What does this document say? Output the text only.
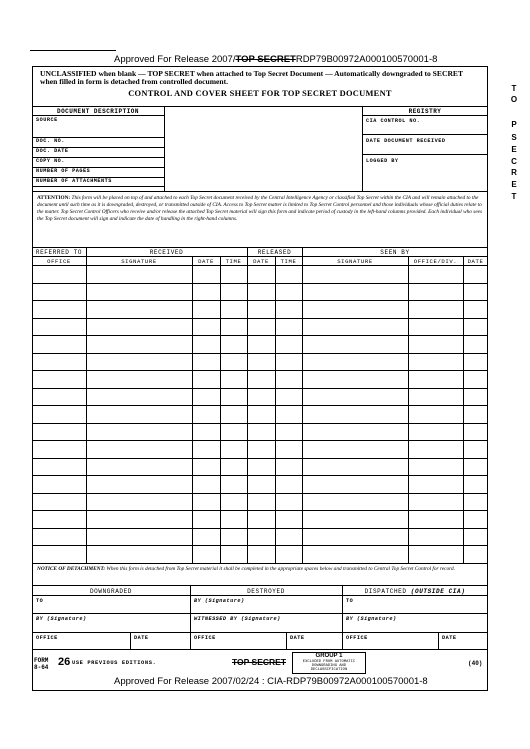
Approved For Release 2007/TOP SECRETRDP79B00972A000100570001-8
T
O
P
S
E
C
R
E
T
UNCLASSIFIED when blank — TOP SECRET when attached to Top Secret Document — Automatically downgraded to SECRET when filled in form is detached from controlled document.
CONTROL AND COVER SHEET FOR TOP SECRET DOCUMENT
DOCUMENT DESCRIPTION	REGISTRY
SOURCE
DOC. NO.
DOC. DATE
COPY NO.
NUMBER OF PAGES
NUMBER OF ATTACHMENTS
CIA CONTROL NO.
DATE DOCUMENT RECEIVED
LOGGED BY
ATTENTION: This form will be placed on top of and attached to each Top Secret document received by the Central Intelligence Agency or classified Top Secret within the CIA and will remain attached to the document until such time as it is downgraded, destroyed, or transmitted outside of CIA. Access to Top Secret matter is limited to Top Secret Control personnel and those individuals whose official duties relate to the matter. Top Secret Control Officers who receive and/or release the attached Top Secret material will sign this form and indicate period of custody in the left-hand columns provided. Each individual who sees the Top Secret document will sign and indicate the date of handling in the right-hand columns.
REFERRED TO	RECEIVED	RELEASED	SEEN BY
OFFICE	SIGNATURE	DATE	TIME	DATE	TIME	SIGNATURE	OFFICE/DIV.	DATE
NOTICE OF DETACHMENT: When this form is detached from Top Secret material it shall be completed in the appropriate spaces below and transmitted to Central Top Secret Control for record.
DOWNGRADED	DESTROYED	DISPATCHED (OUTSIDE CIA)
TO	BY (Signature)	TO
BY (Signature)	WITNESSED BY (Signature)	BY (Signature)
OFFICE	DATE	OFFICE	DATE	OFFICE	DATE
FORM
8-64 26 USE PREVIOUS EDITIONS.	TOP SECRET
GROUP 1
EXCLUDED FROM AUTOMATIC DOWNGRADING AND DECLASSIFICATION
(40)
Approved For Release 2007/02/24 : CIA-RDP79B00972A000100570001-8
